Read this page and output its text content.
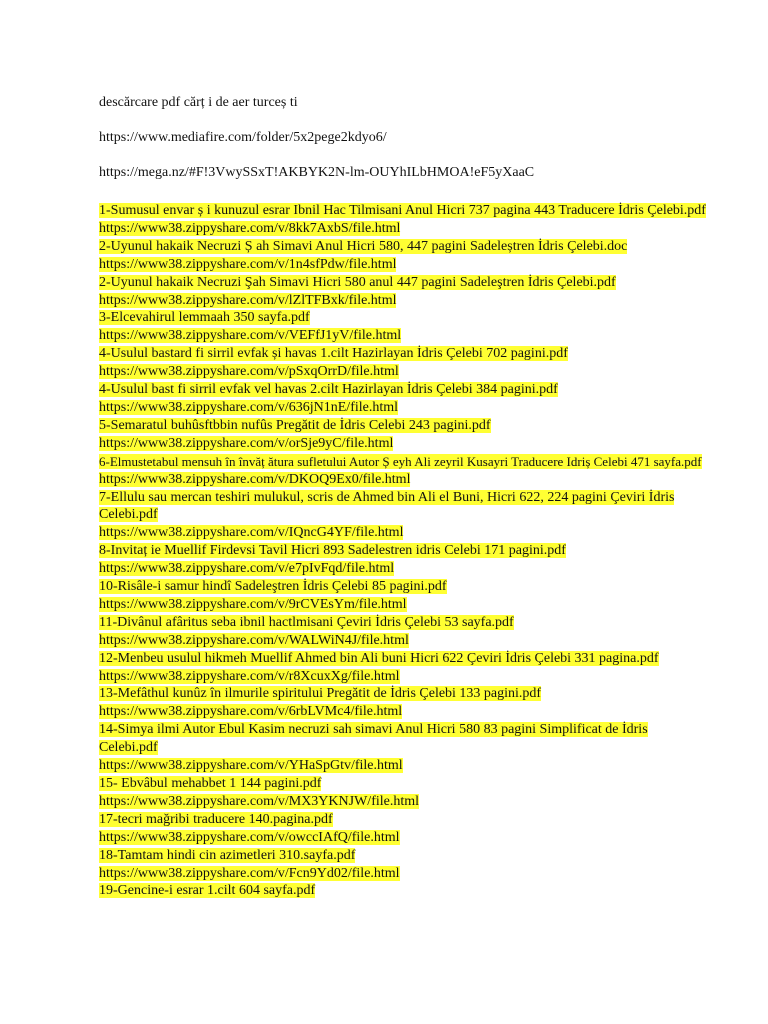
descărcare pdf cărț i de aer turceș ti
https://www.mediafire.com/folder/5x2pege2kdyo6/
https://mega.nz/#F!3VwySSxT!AKBYK2N-lm-OUYhILbHMOA!eF5yXaaC
1-Sumusul envar ș i kunuzul esrar Ibnil Hac Tilmisani Anul Hicri 737 pagina 443 Traducere İdris Çelebi.pdf
https://www38.zippyshare.com/v/8kk7AxbS/file.html
2-Uyunul hakaik Necruzi Ș ah Simavi Anul Hicri 580, 447 pagini Sadeleștren İdris Çelebi.doc
https://www38.zippyshare.com/v/1n4sfPdw/file.html
2-Uyunul hakaik Necruzi Şah Simavi Hicri 580 anul 447 pagini Sadeleştren İdris Çelebi.pdf
https://www38.zippyshare.com/v/lZlTFBxk/file.html
3-Elcevahirul lemmaah 350 sayfa.pdf
https://www38.zippyshare.com/v/VEFfJ1yV/file.html
4-Usulul bastard fi sirril evfak și havas 1.cilt Hazirlayan İdris Çelebi 702 pagini.pdf
https://www38.zippyshare.com/v/pSxqOrrD/file.html
4-Usulul bast fi sirril evfak vel havas 2.cilt Hazirlayan İdris Çelebi 384 pagini.pdf
https://www38.zippyshare.com/v/636jN1nE/file.html
5-Semaratul buhûsftbbin nufûs Pregătit de İdris Celebi 243 pagini.pdf
https://www38.zippyshare.com/v/orSje9yC/file.html
6-Elmustetabul mensuh în învăț ătura sufletului Autor Ș eyh Ali zeyril Kusayri Traducere Idriș Celebi 471 sayfa.pdf
https://www38.zippyshare.com/v/DKOQ9Ex0/file.html
7-Ellulu sau mercan teshiri mulukul, scris de Ahmed bin Ali el Buni, Hicri 622, 224 pagini Çeviri İdris Celebi.pdf
https://www38.zippyshare.com/v/IQncG4YF/file.html
8-Invitaț ie Muellif Firdevsi Tavil Hicri 893 Sadelestren idris Celebi 171 pagini.pdf
https://www38.zippyshare.com/v/e7pIvFqd/file.html
10-Risâle-i samur hindî Sadeleştren İdris Çelebi 85 pagini.pdf
https://www38.zippyshare.com/v/9rCVEsYm/file.html
11-Divânul afâritus seba ibnil hactlmisani Çeviri İdris Çelebi 53 sayfa.pdf
https://www38.zippyshare.com/v/WALWiN4J/file.html
12-Menbeu usulul hikmeh Muellif Ahmed bin Ali buni Hicri 622 Çeviri İdris Çelebi 331 pagina.pdf
https://www38.zippyshare.com/v/r8XcuxXg/file.html
13-Mefâthul kunûz în ilmurile spiritului Pregătit de İdris Çelebi 133 pagini.pdf
https://www38.zippyshare.com/v/6rbLVMc4/file.html
14-Simya ilmi Autor Ebul Kasim necruzi sah simavi Anul Hicri 580 83 pagini Simplificat de İdris Celebi.pdf
https://www38.zippyshare.com/v/YHaSpGtv/file.html
15- Ebvâbul mehabbet 1 144 pagini.pdf
https://www38.zippyshare.com/v/MX3YKNJW/file.html
17-tecri mağribi traducere 140.pagina.pdf
https://www38.zippyshare.com/v/owccIAfQ/file.html
18-Tamtam hindi cin azimetleri 310.sayfa.pdf
https://www38.zippyshare.com/v/Fcn9Yd02/file.html
19-Gencine-i esrar 1.cilt 604 sayfa.pdf
